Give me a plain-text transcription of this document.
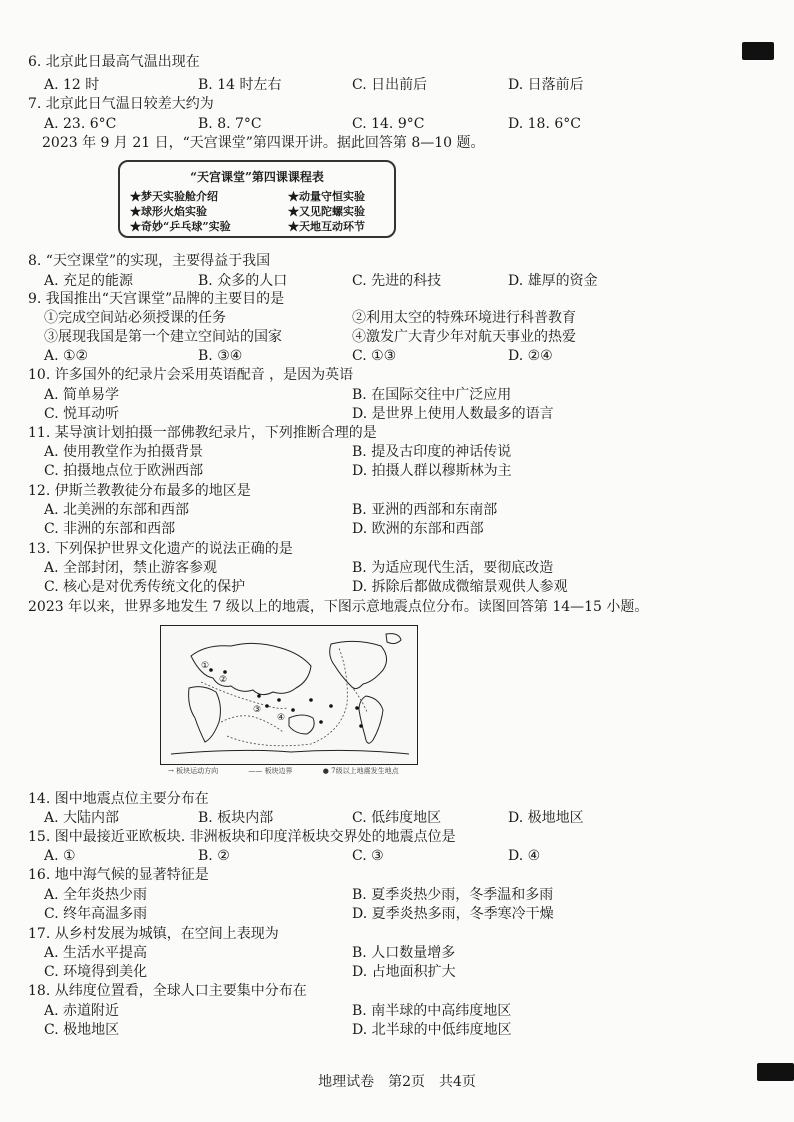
6. 北京此日最高气温出现在
A. 12 时	B. 14 时左右	C. 日出前后	D. 日落前后
7. 北京此日气温日较差大约为
A. 23. 6°C	B. 8. 7°C	C. 14. 9°C	D. 18. 6°C
2023 年 9 月 21 日，“天宫课堂”第四课开讲。据此回答第 8—10 题。
“天宫课堂”第四课课程表
★梦天实验舱介绍	★动量守恒实验
★球形火焰实验	★又见陀螺实验
★奇妙“乒乓球”实验	★天地互动环节
8. “天空课堂”的实现，主要得益于我国
A. 充足的能源	B. 众多的人口	C. 先进的科技	D. 雄厚的资金
9. 我国推出“天宫课堂”品牌的主要目的是
①完成空间站必须授课的任务	②利用太空的特殊环境进行科普教育
③展现我国是第一个建立空间站的国家	④激发广大青少年对航天事业的热爱
A. ①②	B. ③④	C. ①③	D. ②④
10. 许多国外的纪录片会采用英语配音 ，是因为英语
A. 简单易学	B. 在国际交往中广泛应用
C. 悦耳动听	D. 是世界上使用人数最多的语言
11. 某导演计划拍摄一部佛教纪录片，下列推断合理的是
A. 使用教堂作为拍摄背景	B. 提及古印度的神话传说
C. 拍摄地点位于欧洲西部	D. 拍摄人群以穆斯林为主
12. 伊斯兰教教徒分布最多的地区是
A. 北美洲的东部和西部	B. 亚洲的西部和东南部
C. 非洲的东部和西部	D. 欧洲的东部和西部
13. 下列保护世界文化遗产的说法正确的是
A. 全部封闭，禁止游客参观	B. 为适应现代生活，要彻底改造
C. 核心是对优秀传统文化的保护	D. 拆除后都做成微缩景观供人参观
2023 年以来，世界多地发生 7 级以上的地震，下图示意地震点位分布。读图回答第 14—15 小题。
①
②
③
④
→ 板块运动方向	—— 板块边界	● 7级以上地震发生地点
14. 图中地震点位主要分布在
A. 大陆内部	B. 板块内部	C. 低纬度地区	D. 极地地区
15. 图中最接近亚欧板块. 非洲板块和印度洋板块交界处的地震点位是
A. ①	B. ②	C. ③	D. ④
16. 地中海气候的显著特征是
A. 全年炎热少雨	B. 夏季炎热少雨，冬季温和多雨
C. 终年高温多雨	D. 夏季炎热多雨，冬季寒冷干燥
17. 从乡村发展为城镇，在空间上表现为
A. 生活水平提高	B. 人口数量增多
C. 环境得到美化	D. 占地面积扩大
18. 从纬度位置看，全球人口主要集中分布在
A. 赤道附近	B. 南半球的中高纬度地区
C. 极地地区	D. 北半球的中低纬度地区
地理试卷　第2页　共4页
